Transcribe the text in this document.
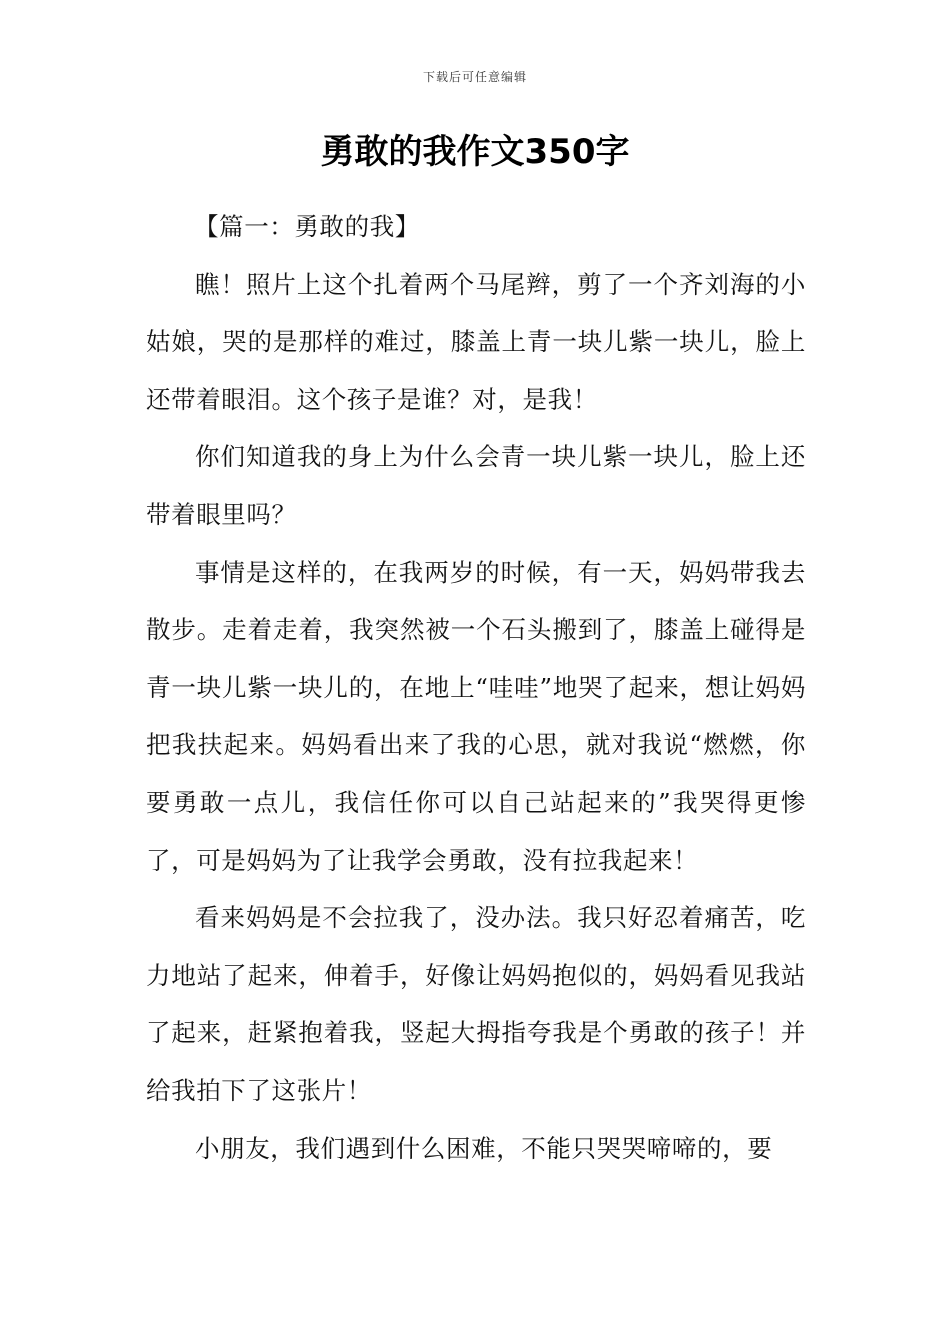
下载后可任意编辑
勇敢的我作文350字

【篇一：勇敢的我】

瞧！照片上这个扎着两个马尾辫，剪了一个齐刘海的小姑娘，哭的是那样的难过，膝盖上青一块儿紫一块儿，脸上还带着眼泪。这个孩子是谁？对，是我！

你们知道我的身上为什么会青一块儿紫一块儿，脸上还带着眼里吗？

事情是这样的，在我两岁的时候，有一天，妈妈带我去散步。走着走着，我突然被一个石头搬到了，膝盖上碰得是青一块儿紫一块儿的，在地上“哇哇”地哭了起来，想让妈妈把我扶起来。妈妈看出来了我的心思，就对我说“燃燃，你要勇敢一点儿，我信任你可以自己站起来的”我哭得更惨了，可是妈妈为了让我学会勇敢，没有拉我起来！

看来妈妈是不会拉我了，没办法。我只好忍着痛苦，吃力地站了起来，伸着手，好像让妈妈抱似的，妈妈看见我站了起来，赶紧抱着我，竖起大拇指夸我是个勇敢的孩子！并给我拍下了这张片！

小朋友，我们遇到什么困难，不能只哭哭啼啼的，要
